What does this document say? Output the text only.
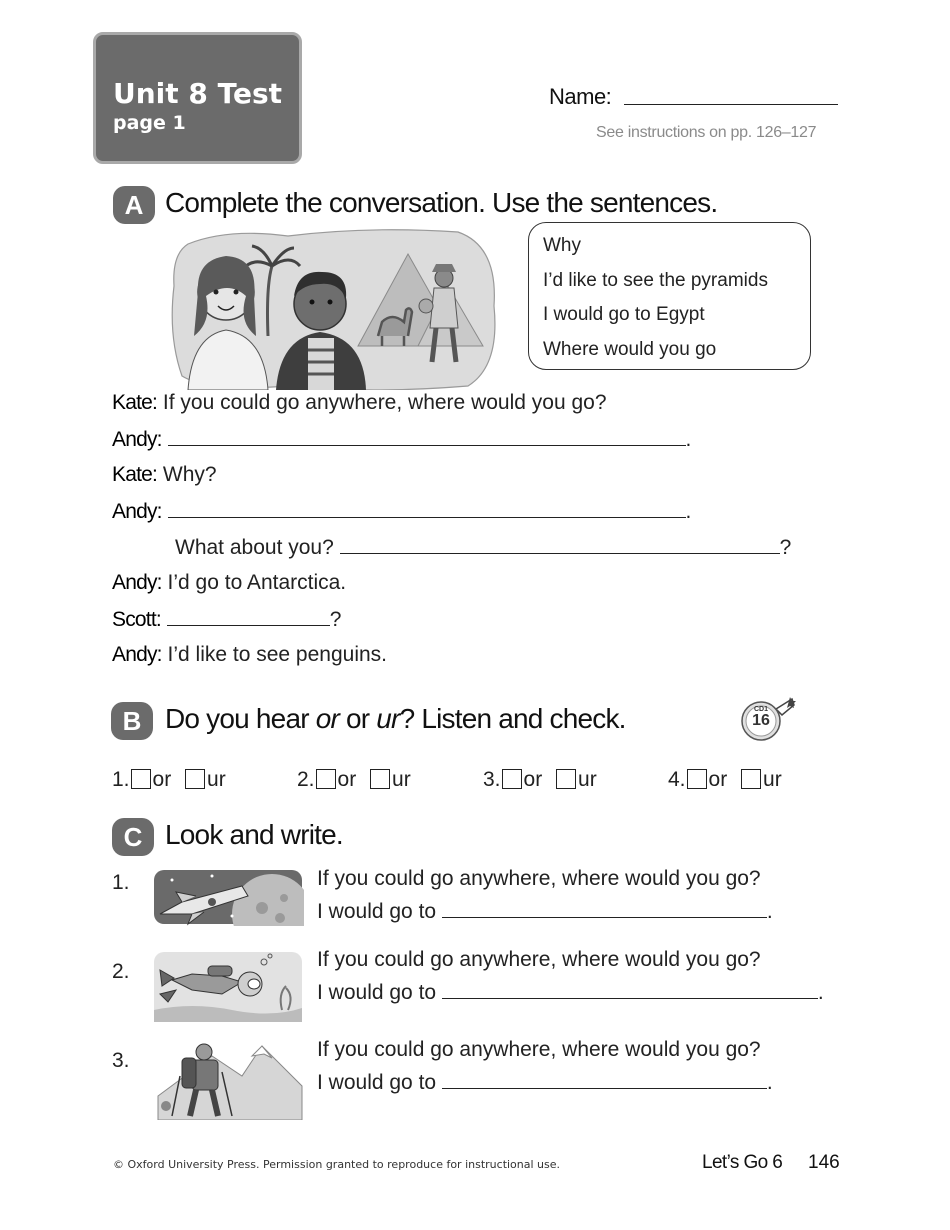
Unit 8 Test
page 1
Name:
See instructions on pp. 126–127
A Complete the conversation. Use the sentences.
Why
I’d like to see the pyramids
I would go to Egypt
Where would you go
Kate: If you could go anywhere, where would you go?
Andy:	.
Kate: Why?
Andy:	.
What about you?	?
Andy: I’d go to Antarctica.
Scott:	?
Andy: I’d like to see penguins.
B Do you hear or or ur? Listen and check.	CD1
16
1. or ur	2. or ur	3. or ur	4. or ur
C Look and write.
1.	If you could go anywhere, where would you go?
I would go to	.
2.
If you could go anywhere, where would you go?
I would go to	.
3.	If you could go anywhere, where would you go?
I would go to	.
© Oxford University Press. Permission granted to reproduce for instructional use.	Let’s Go 6 146
